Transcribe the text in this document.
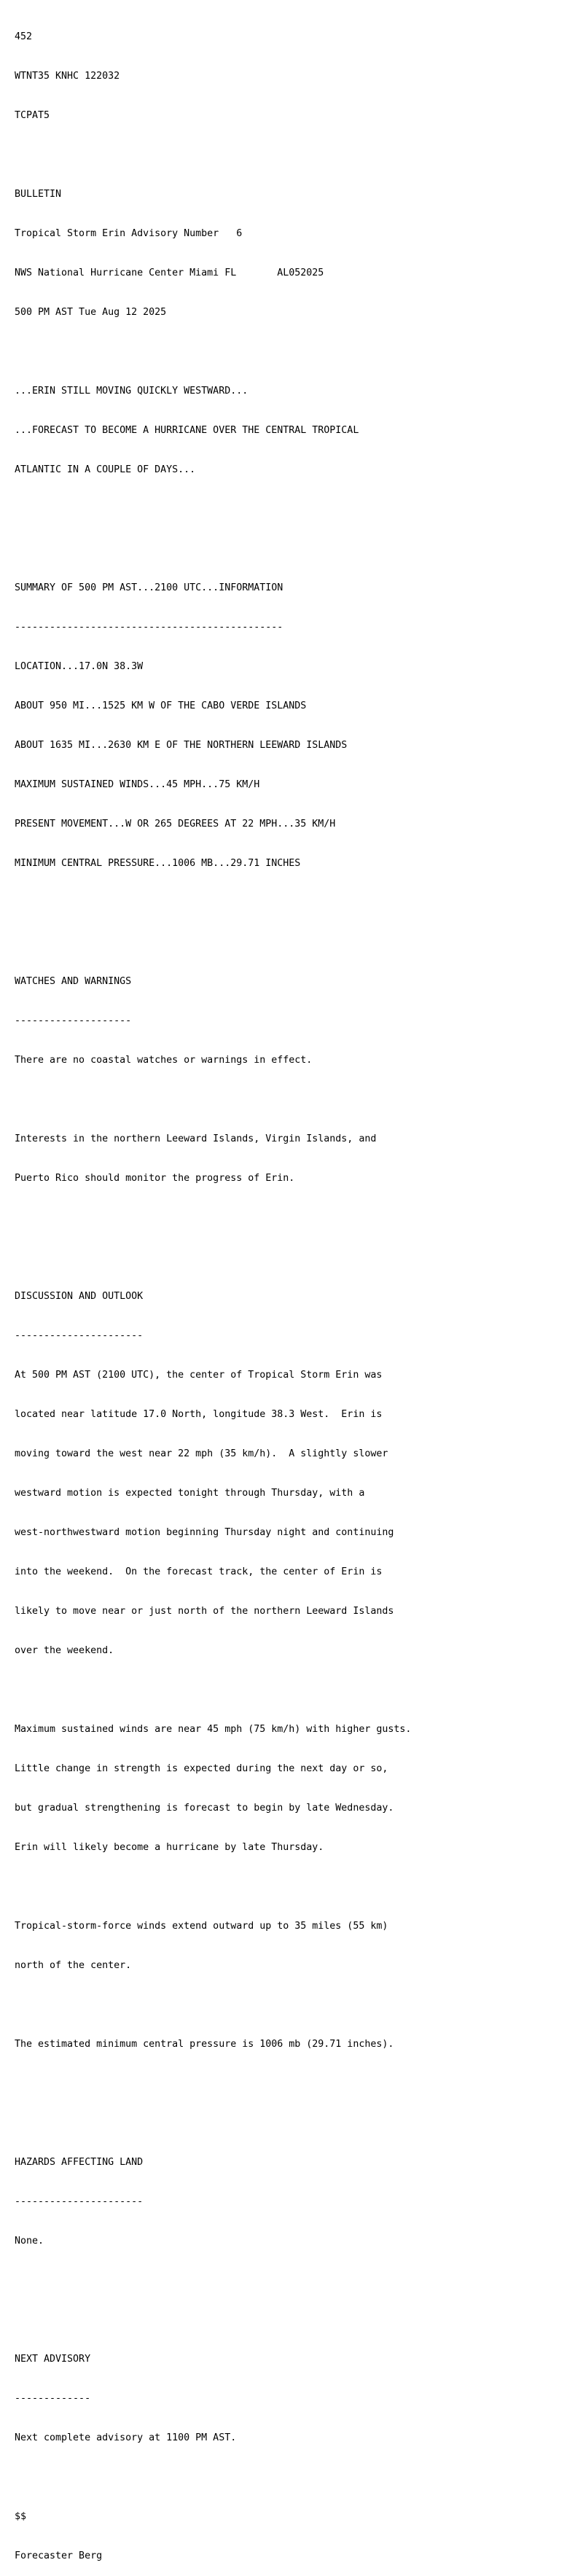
452

WTNT35 KNHC 122032

TCPAT5

BULLETIN

Tropical Storm Erin Advisory Number   6

NWS National Hurricane Center Miami FL       AL052025

500 PM AST Tue Aug 12 2025

...ERIN STILL MOVING QUICKLY WESTWARD...

...FORECAST TO BECOME A HURRICANE OVER THE CENTRAL TROPICAL

ATLANTIC IN A COUPLE OF DAYS...

SUMMARY OF 500 PM AST...2100 UTC...INFORMATION

----------------------------------------------

LOCATION...17.0N 38.3W

ABOUT 950 MI...1525 KM W OF THE CABO VERDE ISLANDS

ABOUT 1635 MI...2630 KM E OF THE NORTHERN LEEWARD ISLANDS

MAXIMUM SUSTAINED WINDS...45 MPH...75 KM/H

PRESENT MOVEMENT...W OR 265 DEGREES AT 22 MPH...35 KM/H

MINIMUM CENTRAL PRESSURE...1006 MB...29.71 INCHES

WATCHES AND WARNINGS

--------------------

There are no coastal watches or warnings in effect.

Interests in the northern Leeward Islands, Virgin Islands, and

Puerto Rico should monitor the progress of Erin.

DISCUSSION AND OUTLOOK

----------------------

At 500 PM AST (2100 UTC), the center of Tropical Storm Erin was

located near latitude 17.0 North, longitude 38.3 West.  Erin is

moving toward the west near 22 mph (35 km/h).  A slightly slower

westward motion is expected tonight through Thursday, with a

west-northwestward motion beginning Thursday night and continuing

into the weekend.  On the forecast track, the center of Erin is

likely to move near or just north of the northern Leeward Islands

over the weekend.

Maximum sustained winds are near 45 mph (75 km/h) with higher gusts.

Little change in strength is expected during the next day or so,

but gradual strengthening is forecast to begin by late Wednesday.

Erin will likely become a hurricane by late Thursday.

Tropical-storm-force winds extend outward up to 35 miles (55 km)

north of the center.

The estimated minimum central pressure is 1006 mb (29.71 inches).

HAZARDS AFFECTING LAND

----------------------

None.

NEXT ADVISORY

-------------

Next complete advisory at 1100 PM AST.

$$

Forecaster Berg
